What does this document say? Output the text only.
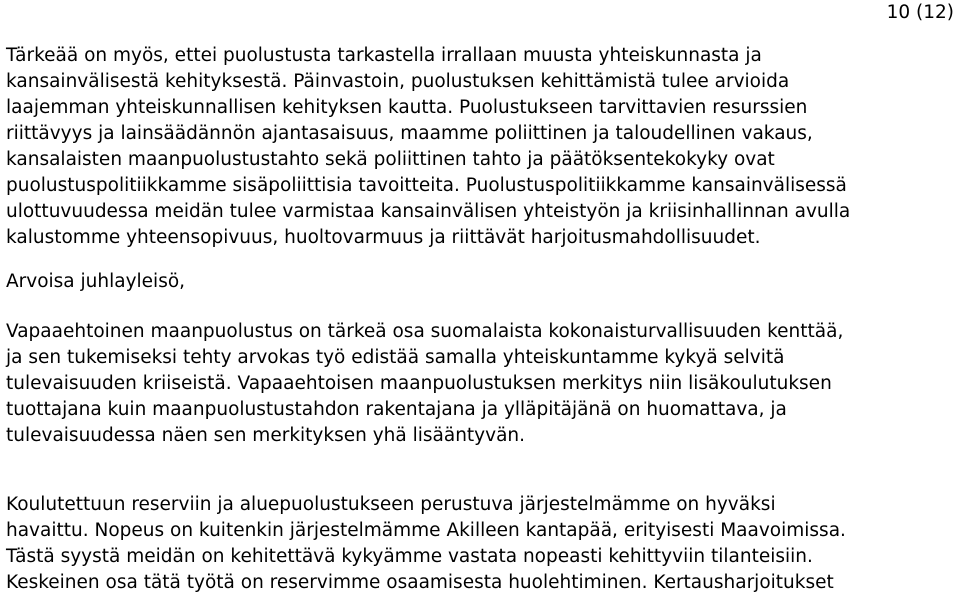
10 (12)
Tärkeää on myös, ettei puolustusta tarkastella irrallaan muusta yhteiskunnasta ja
kansainvälisestä kehityksestä. Päinvastoin, puolustuksen kehittämistä tulee arvioida
laajemman yhteiskunnallisen kehityksen kautta. Puolustukseen tarvittavien resurssien
riittävyys ja lainsäädännön ajantasaisuus, maamme poliittinen ja taloudellinen vakaus,
kansalaisten maanpuolustustahto sekä poliittinen tahto ja päätöksentekokyky ovat
puolustuspolitiikkamme sisäpoliittisia tavoitteita. Puolustuspolitiikkamme kansainvälisessä
ulottuvuudessa meidän tulee varmistaa kansainvälisen yhteistyön ja kriisinhallinnan avulla
kalustomme yhteensopivuus, huoltovarmuus ja riittävät harjoitusmahdollisuudet.
Arvoisa juhlayleisö,
Vapaaehtoinen maanpuolustus on tärkeä osa suomalaista kokonaisturvallisuuden kenttää,
ja sen tukemiseksi tehty arvokas työ edistää samalla yhteiskuntamme kykyä selvitä
tulevaisuuden kriiseistä. Vapaaehtoisen maanpuolustuksen merkitys niin lisäkoulutuksen
tuottajana kuin maanpuolustustahdon rakentajana ja ylläpitäjänä on huomattava, ja
tulevaisuudessa näen sen merkityksen yhä lisääntyvän.
Koulutettuun reserviin ja aluepuolustukseen perustuva järjestelmämme on hyväksi
havaittu. Nopeus on kuitenkin järjestelmämme Akilleen kantapää, erityisesti Maavoimissa.
Tästä syystä meidän on kehitettävä kykyämme vastata nopeasti kehittyviin tilanteisiin.
Keskeinen osa tätä työtä on reservimme osaamisesta huolehtiminen. Kertausharjoitukset
